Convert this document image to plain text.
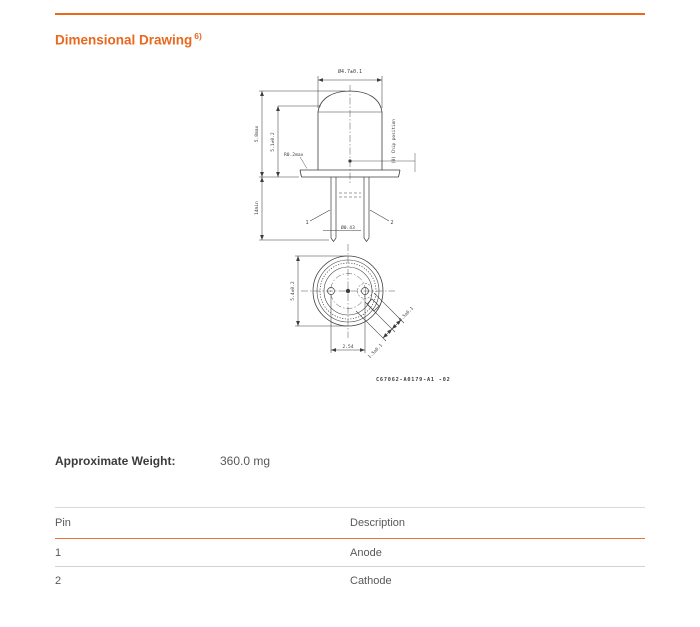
Dimensional Drawing $^{6)}$
Ø4.7±0.1
5.8max 5.1±0.2
R0.2max	(0) Chip position
14min
Ø0.43
1	2
5.4±0.2
2.54
0.5±0.1
1.5±0.1
C67062-A0179-A1 -02
Approximate Weight:	360.0 mg
Pin	Description
1	Anode
2	Cathode
